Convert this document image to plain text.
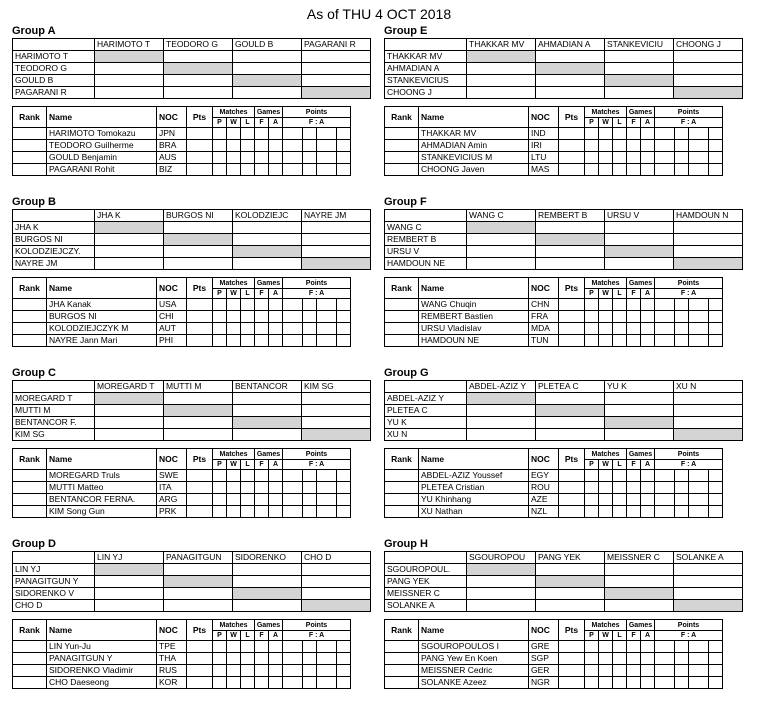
As of THU 4 OCT 2018
Group A
	HARIMOTO T	TEODORO G	GOULD B	PAGARANI R
HARIMOTO T				
TEODORO G				
GOULD B				
PAGARANI R				
Rank	Name	NOC	Pts	Matches			Games		Points			
				P	W	L	F	A	F : A			
	HARIMOTO Tomokazu	JPN										
	TEODORO Guilherme	BRA										
	GOULD Benjamin	AUS										
	PAGARANI Rohit	BIZ										
Group E
	THAKKAR MV	AHMADIAN A	STANKEVICIU	CHOONG J
THAKKAR MV				
AHMADIAN A				
STANKEVICIUS				
CHOONG J				
Rank	Name	NOC	Pts	Matches			Games		Points			
				P	W	L	F	A	F : A			
	THAKKAR MV	IND										
	AHMADIAN Amin	IRI										
	STANKEVICIUS M	LTU										
	CHOONG Javen	MAS										
Group B
	JHA K	BURGOS NI	KOLODZIEJC	NAYRE JM
JHA K				
BURGOS NI				
KOLODZIEJCZY.				
NAYRE JM				
Rank	Name	NOC	Pts	Matches			Games		Points			
				P	W	L	F	A	F : A			
	JHA Kanak	USA										
	BURGOS NI	CHI										
	KOLODZIEJCZYK M	AUT										
	NAYRE Jann Mari	PHI										
Group F
	WANG C	REMBERT B	URSU V	HAMDOUN N
WANG C				
REMBERT B				
URSU V				
HAMDOUN NE				
Rank	Name	NOC	Pts	Matches			Games		Points			
				P	W	L	F	A	F : A			
	WANG Chuqin	CHN										
	REMBERT Bastien	FRA										
	URSU Vladislav	MDA										
	HAMDOUN NE	TUN										
Group C
	MOREGARD T	MUTTI M	BENTANCOR	KIM SG
MOREGARD T				
MUTTI M				
BENTANCOR F.				
KIM SG				
Rank	Name	NOC	Pts	Matches			Games		Points			
				P	W	L	F	A	F : A			
	MOREGARD Truls	SWE										
	MUTTI Matteo	ITA										
	BENTANCOR FERNA.	ARG										
	KIM Song Gun	PRK										
Group G
	ABDEL-AZIZ Y	PLETEA C	YU K	XU N
ABDEL-AZIZ Y				
PLETEA C				
YU K				
XU N				
Rank	Name	NOC	Pts	Matches			Games		Points			
				P	W	L	F	A	F : A			
	ABDEL-AZIZ Youssef	EGY										
	PLETEA Cristian	ROU										
	YU Khinhang	AZE										
	XU Nathan	NZL										
Group D
	LIN YJ	PANAGITGUN	SIDORENKO	CHO D
LIN YJ				
PANAGITGUN Y				
SIDORENKO V				
CHO D				
Rank	Name	NOC	Pts	Matches			Games		Points			
				P	W	L	F	A	F : A			
	LIN Yun-Ju	TPE										
	PANAGITGUN Y	THA										
	SIDORENKO Vladimir	RUS										
	CHO Daeseong	KOR										
Group H
	SGOUROPOU	PANG YEK	MEISSNER C	SOLANKE A
SGOUROPOUL.				
PANG YEK				
MEISSNER C				
SOLANKE A				
Rank	Name	NOC	Pts	Matches			Games		Points			
				P	W	L	F	A	F : A			
	SGOUROPOULOS I	GRE										
	PANG Yew En Koen	SGP										
	MEISSNER Cedric	GER										
	SOLANKE Azeez	NGR										
